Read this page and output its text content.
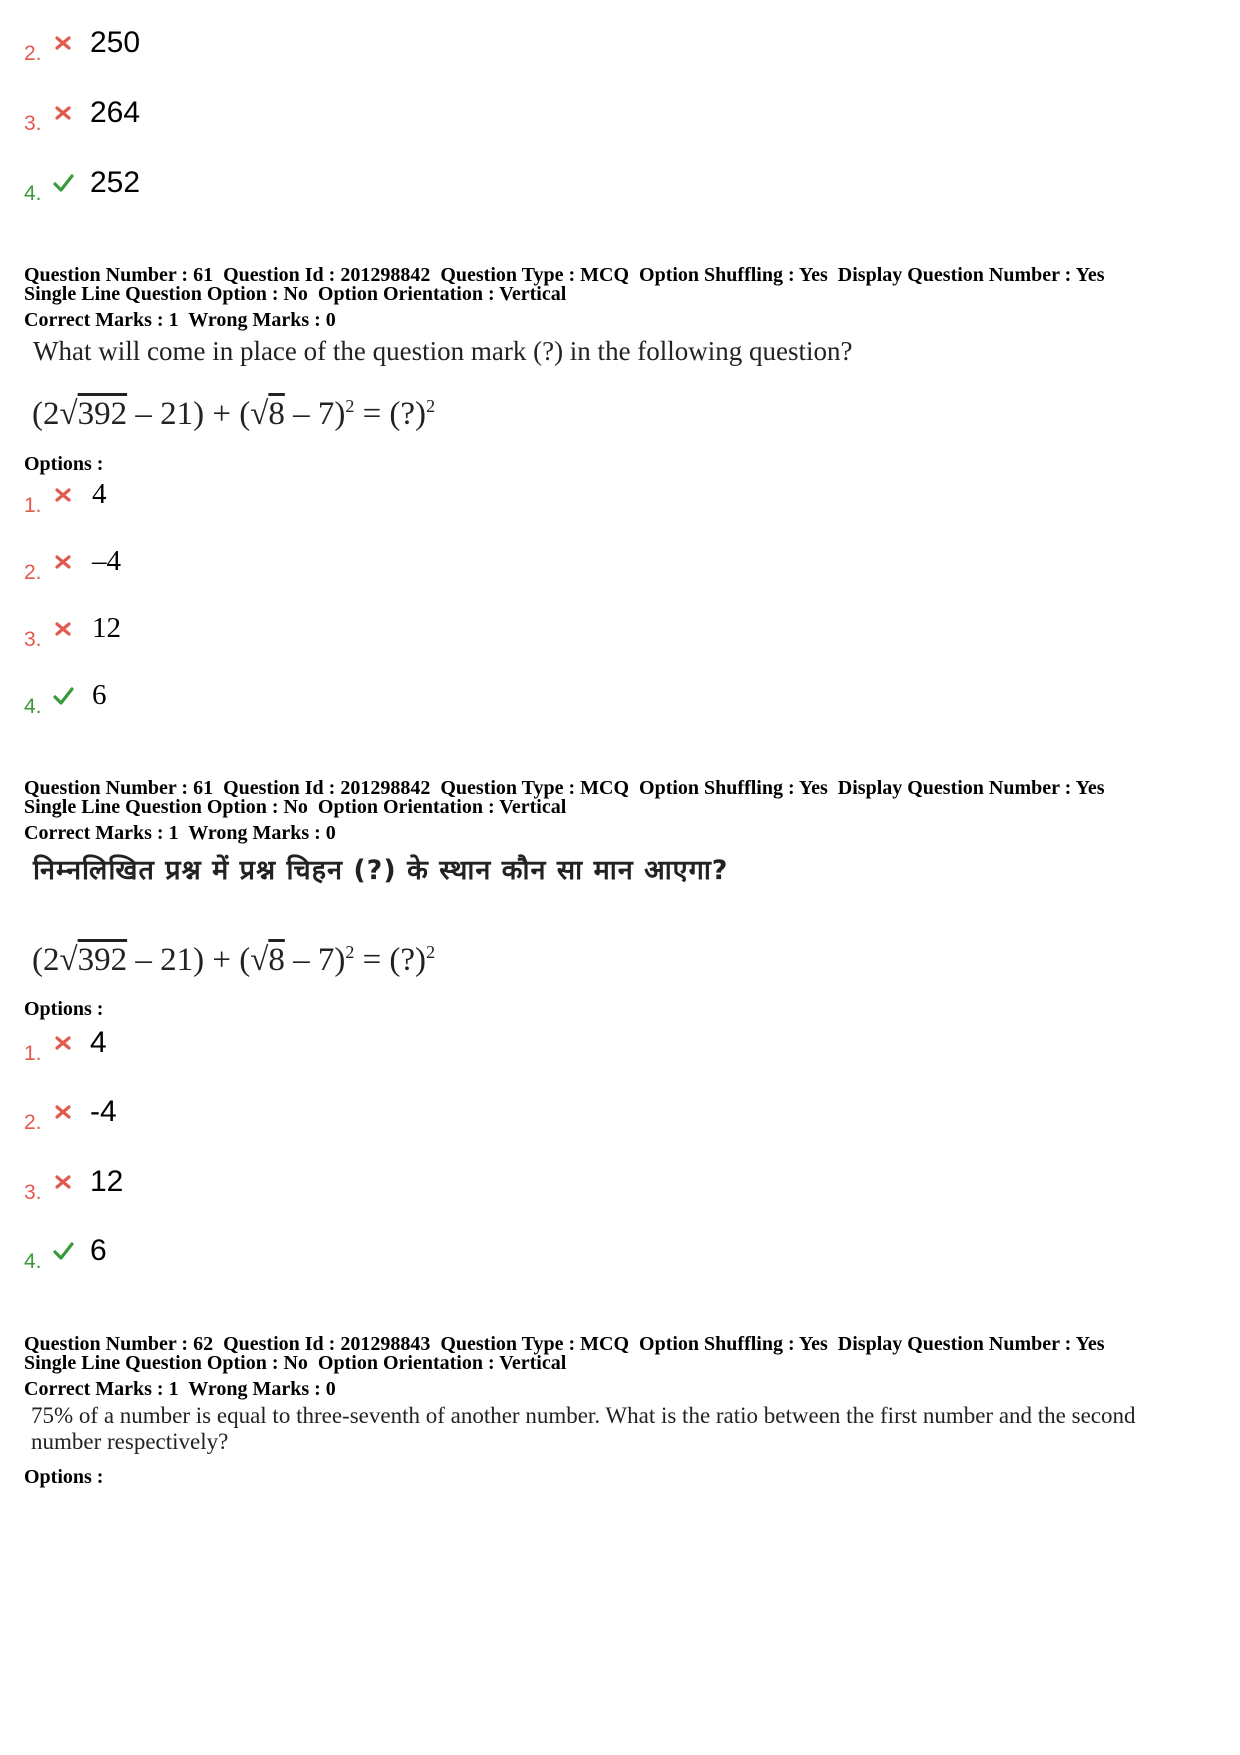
2. 250
3. 264
4. 252
Question Number : 61  Question Id : 201298842  Question Type : MCQ  Option Shuffling : Yes  Display Question Number : Yes
Single Line Question Option : No  Option Orientation : Vertical
Correct Marks : 1  Wrong Marks : 0
What will come in place of the question mark (?) in the following question?
(2√392 – 21) + (√8 – 7)$^2$ = (?)$^2$
Options :
1. 4
2. –4
3. 12
4. 6
Question Number : 61  Question Id : 201298842  Question Type : MCQ  Option Shuffling : Yes  Display Question Number : Yes
Single Line Question Option : No  Option Orientation : Vertical
Correct Marks : 1  Wrong Marks : 0
निम्नलिखित प्रश्न में प्रश्न चिहन (?) के स्थान कौन सा मान आएगा?
(2√392 – 21) + (√8 – 7)$^2$ = (?)$^2$
Options :
1. 4
2. -4
3. 12
4. 6
Question Number : 62  Question Id : 201298843  Question Type : MCQ  Option Shuffling : Yes  Display Question Number : Yes
Single Line Question Option : No  Option Orientation : Vertical
Correct Marks : 1  Wrong Marks : 0
75% of a number is equal to three-seventh of another number. What is the ratio between the first number and the second
number respectively?
Options :
